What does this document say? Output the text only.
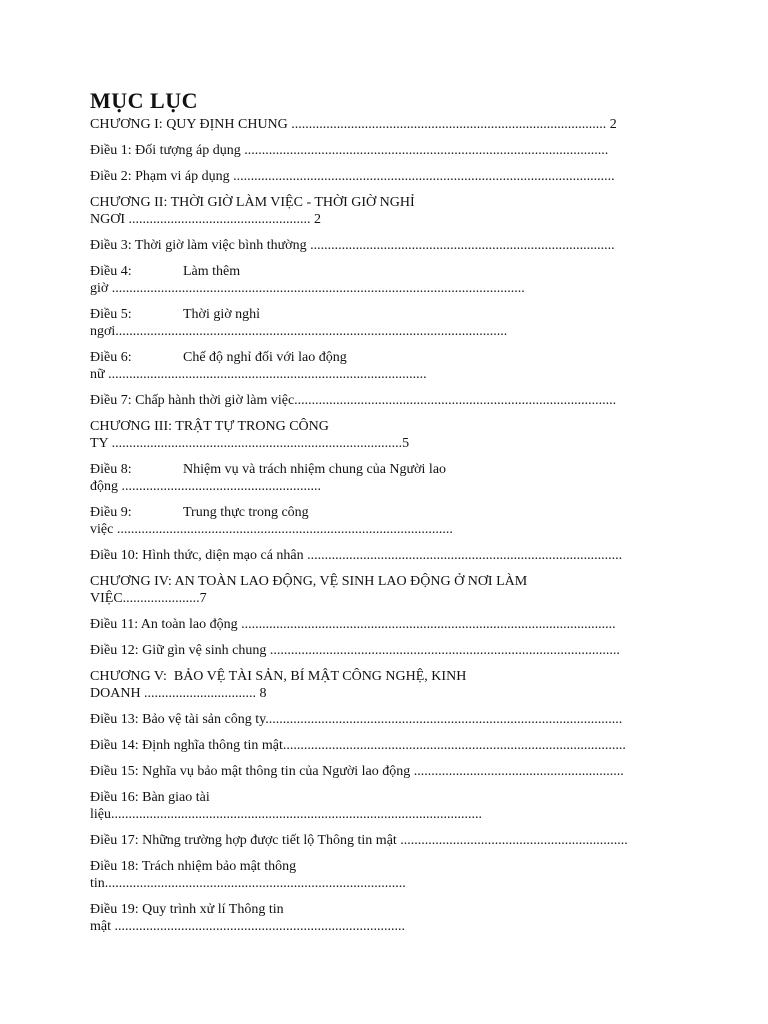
MỤC LỤC
CHƯƠNG I: QUY ĐỊNH CHUNG .......................................................................................... 2
Điều 1: Đối tượng áp dụng ........................................................................................................
Điều 2: Phạm vi áp dụng .............................................................................................................
CHƯƠNG II: THỜI GIỜ LÀM VIỆC - THỜI GIỜ NGHỈ
NGƠI .................................................... 2
Điều 3: Thời giờ làm việc bình thường .......................................................................................
Điều 4:	Làm thêm
giờ ......................................................................................................................
Điều 5:	Thời giờ nghỉ
ngơi................................................................................................................
Điều 6:	Chế độ nghỉ đối với lao động
nữ ...........................................................................................
Điều 7: Chấp hành thời giờ làm việc............................................................................................
CHƯƠNG III: TRẬT TỰ TRONG CÔNG
TY ...................................................................................5
Điều 8:	Nhiệm vụ và trách nhiệm chung của Người lao
động .........................................................
Điều 9:	Trung thực trong công
việc ................................................................................................
Điều 10: Hình thức, diện mạo cá nhân ..........................................................................................
CHƯƠNG IV: AN TOÀN LAO ĐỘNG, VỆ SINH LAO ĐỘNG Ở NƠI LÀM
VIỆC......................7
Điều 11: An toàn lao động ...........................................................................................................
Điều 12: Giữ gìn vệ sinh chung ....................................................................................................
CHƯƠNG V:  BẢO VỆ TÀI SẢN, BÍ MẬT CÔNG NGHỆ, KINH
DOANH ................................ 8
Điều 13: Bảo vệ tài sản công ty......................................................................................................
Điều 14: Định nghĩa thông tin mật..................................................................................................
Điều 15: Nghĩa vụ bảo mật thông tin của Người lao động ............................................................
Điều 16: Bàn giao tài
liệu..........................................................................................................
Điều 17: Những trường hợp được tiết lộ Thông tin mật .................................................................
Điều 18: Trách nhiệm bảo mật thông
tin......................................................................................
Điều 19: Quy trình xử lí Thông tin
mật ...................................................................................
